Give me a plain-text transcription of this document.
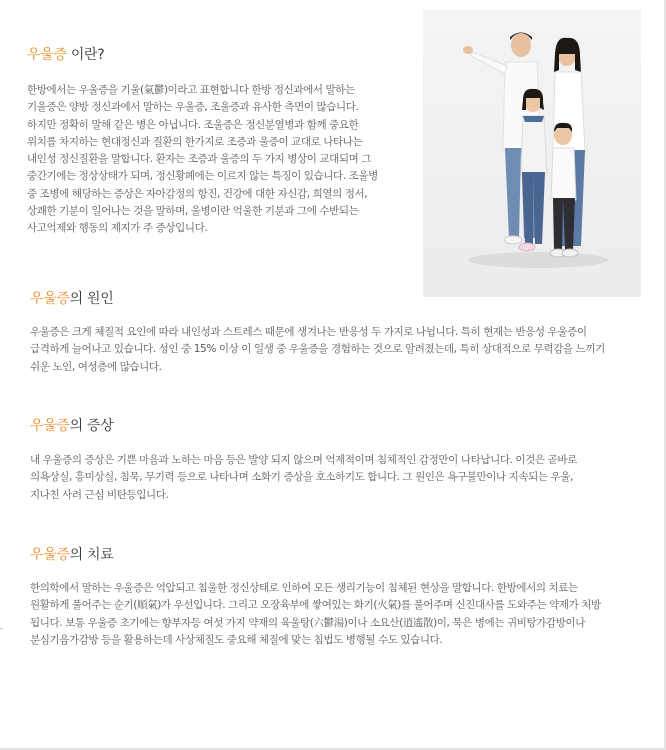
우울증 이란?
한방에서는 우울증을 기울(氣鬱)이라고 표현합니다 한방 정신과에서 말하는
기울증은 양방 정신과에서 말하는 우울증, 조울증과 유사한 측면이 많습니다.
하지만 정확히 말해 같은 병은 아닙니다. 조울증은 정신분열병과 함께 중요한
위치를 차지하는 현대정신과 질환의 한가지로 조증과 울증이 교대로 나타나는
내인성 정신질환을 말합니다. 환자는 조증과 울증의 두 가지 병상이 교대되며 그
중간기에는 정상상태가 되며, 정신황폐에는 이르지 않는 특징이 있습니다. 조울병
중 조병에 해당하는 증상은 자아감정의 항진, 건강에 대한 자신감, 희열의 정서,
상쾌한 기분이 일어나는 것을 말하며, 울병이란 억울한 기분과 그에 수반되는
사고억제와 행동의 제지가 주 증상입니다.
우울증의 원인
우울증은 크게 체질적 요인에 따라 내인성과 스트레스 때문에 생겨나는 반응성 두 가지로 나뉩니다. 특히 현재는 반응성 우울증이
급격하게 늘어나고 있습니다. 성인 중 15% 이상 이 일생 중 우울증을 경험하는 것으로 알려졌는데, 특히 상대적으로 무력감을 느끼기
쉬운 노인, 여성층에 많습니다.
우울증의 증상
내 우울증의 증상은 기쁜 마음과 노하는 마음 등은 발양 되지 않으며 억제적이며 침체적인 감정만이 나타납니다. 이것은 곧바로
의욕상실, 흥미상실, 침묵, 무기력 등으로 나타나며 소화기 증상을 호소하기도 합니다. 그 원인은 욕구불만이나 지속되는 우울,
지나친 사려 근심 비탄등입니다.
우울증의 치료
한의학에서 말하는 우울증은 억압되고 침울한 정신상태로 인하여 모든 생리기능이 침체된 현상을 말합니다. 한방에서의 치료는
원활하게 풀어주는 순기(順氣)가 우선입니다. 그리고 오장육부에 쌓여있는 화기(火氣)를 풀어주며 신진대사를 도와주는 약제가 처방
됩니다. 보통 우울증 초기에는 향부자등 여섯 가지 약재의 육울탕(六鬱湯)이나 소요산(逍遙散)이, 묵은 병에는 귀비탕가감방이나
분심기음가감방 등을 활용하는데 사상체질도 중요해 체질에 맞는 침법도 병행될 수도 있습니다.
